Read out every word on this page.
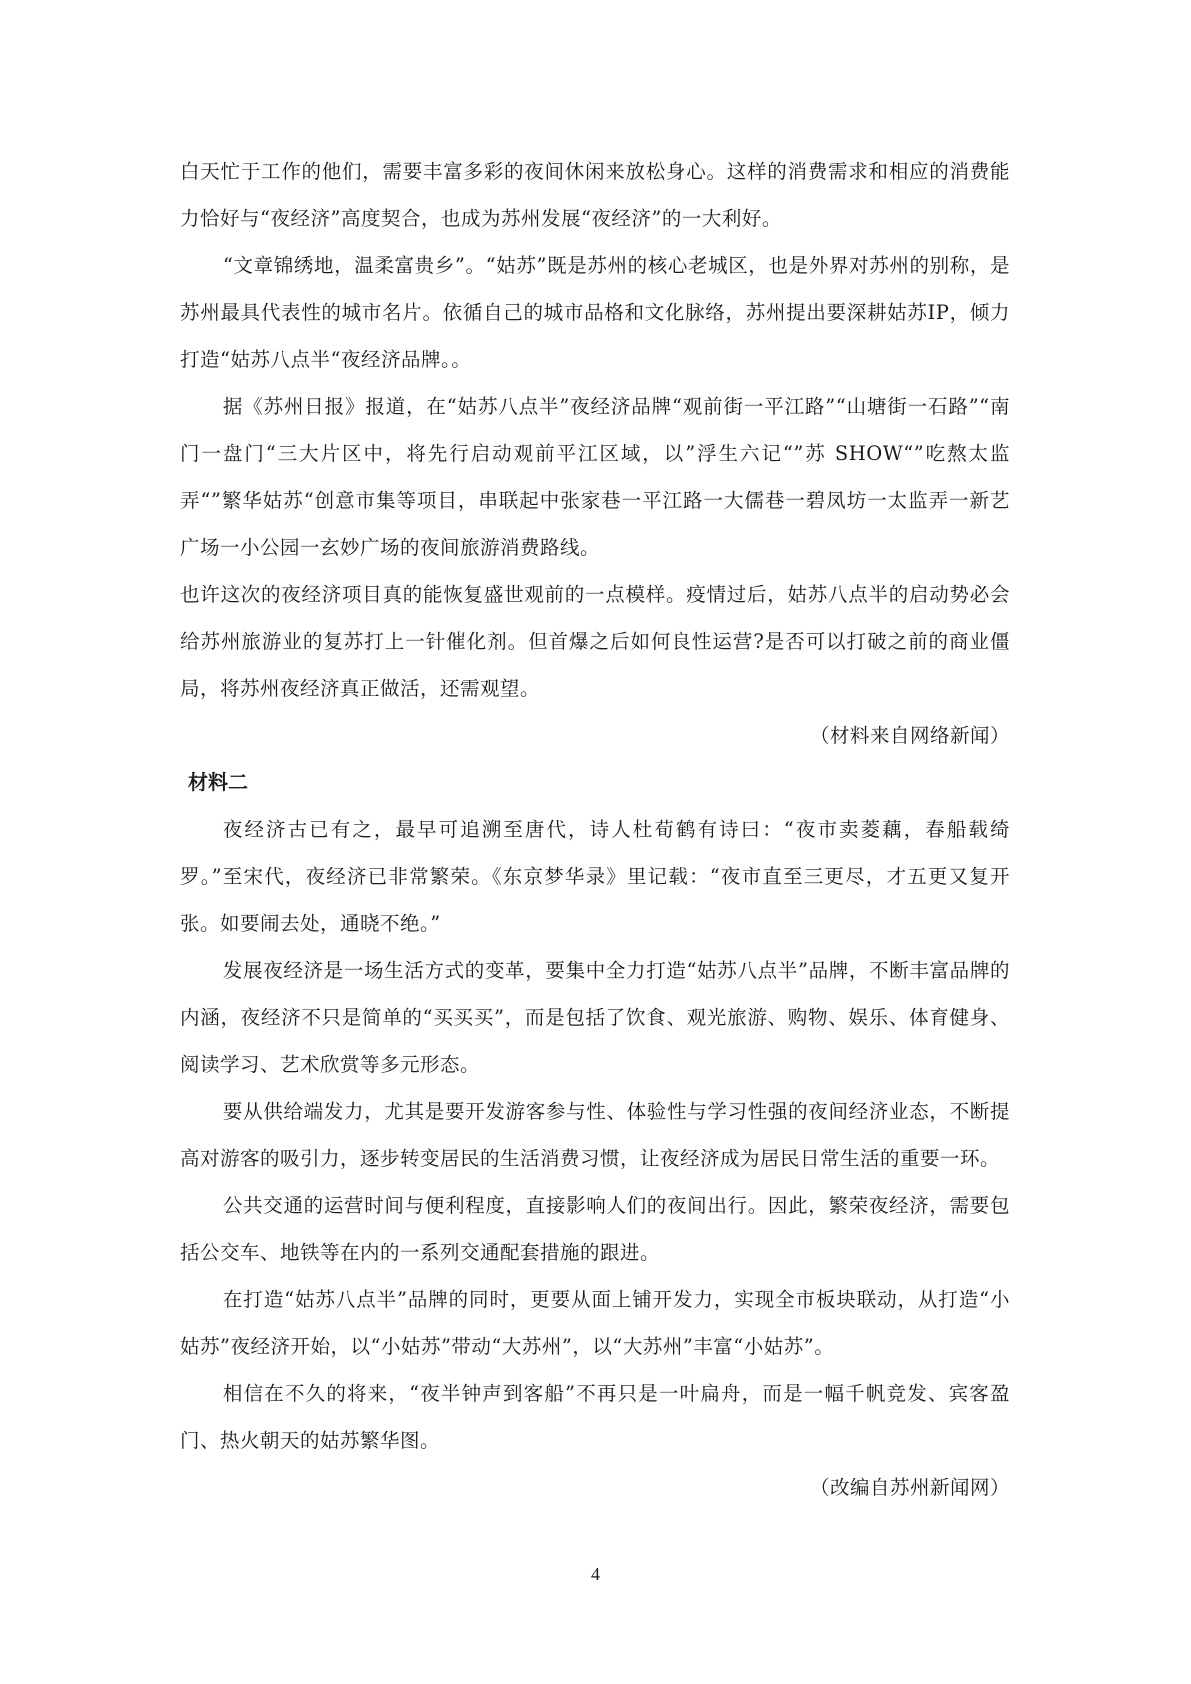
白天忙于工作的他们，需要丰富多彩的夜间休闲来放松身心。这样的消费需求和相应的消费能力恰好与“夜经济”高度契合，也成为苏州发展“夜经济”的一大利好。

“文章锦绣地，温柔富贵乡”。“姑苏”既是苏州的核心老城区，也是外界对苏州的别称，是苏州最具代表性的城市名片。依循自己的城市品格和文化脉络，苏州提出要深耕姑苏IP，倾力打造“姑苏八点半“夜经济品牌。。

据《苏州日报》报道，在“姑苏八点半”夜经济品牌“观前街一平江路”“山塘街一石路”“南门一盘门“三大片区中，将先行启动观前平江区域，以”浮生六记“”苏 SHOW“”吃熬太监弄“”繁华姑苏“创意市集等项目，串联起中张家巷一平江路一大儒巷一碧凤坊一太监弄一新艺广场一小公园一玄妙广场的夜间旅游消费路线。

也许这次的夜经济项目真的能恢复盛世观前的一点模样。疫情过后，姑苏八点半的启动势必会给苏州旅游业的复苏打上一针催化剂。但首爆之后如何良性运营?是否可以打破之前的商业僵局，将苏州夜经济真正做活，还需观望。

（材料来自网络新闻）

材料二

夜经济古已有之，最早可追溯至唐代，诗人杜荀鹤有诗曰：“夜市卖菱藕，春船载绮罗。”至宋代，夜经济已非常繁荣。《东京梦华录》里记载：“夜市直至三更尽，才五更又复开张。如要闹去处，通晓不绝。”

发展夜经济是一场生活方式的变革，要集中全力打造“姑苏八点半”品牌，不断丰富品牌的内涵，夜经济不只是简单的“买买买”，而是包括了饮食、观光旅游、购物、娱乐、体育健身、阅读学习、艺术欣赏等多元形态。

要从供给端发力，尤其是要开发游客参与性、体验性与学习性强的夜间经济业态，不断提高对游客的吸引力，逐步转变居民的生活消费习惯，让夜经济成为居民日常生活的重要一环。

公共交通的运营时间与便利程度，直接影响人们的夜间出行。因此，繁荣夜经济，需要包括公交车、地铁等在内的一系列交通配套措施的跟进。

在打造“姑苏八点半”品牌的同时，更要从面上铺开发力，实现全市板块联动，从打造“小姑苏”夜经济开始，以“小姑苏”带动“大苏州”，以“大苏州”丰富“小姑苏”。

相信在不久的将来，“夜半钟声到客船”不再只是一叶扁舟，而是一幅千帆竞发、宾客盈门、热火朝天的姑苏繁华图。

（改编自苏州新闻网）

4
